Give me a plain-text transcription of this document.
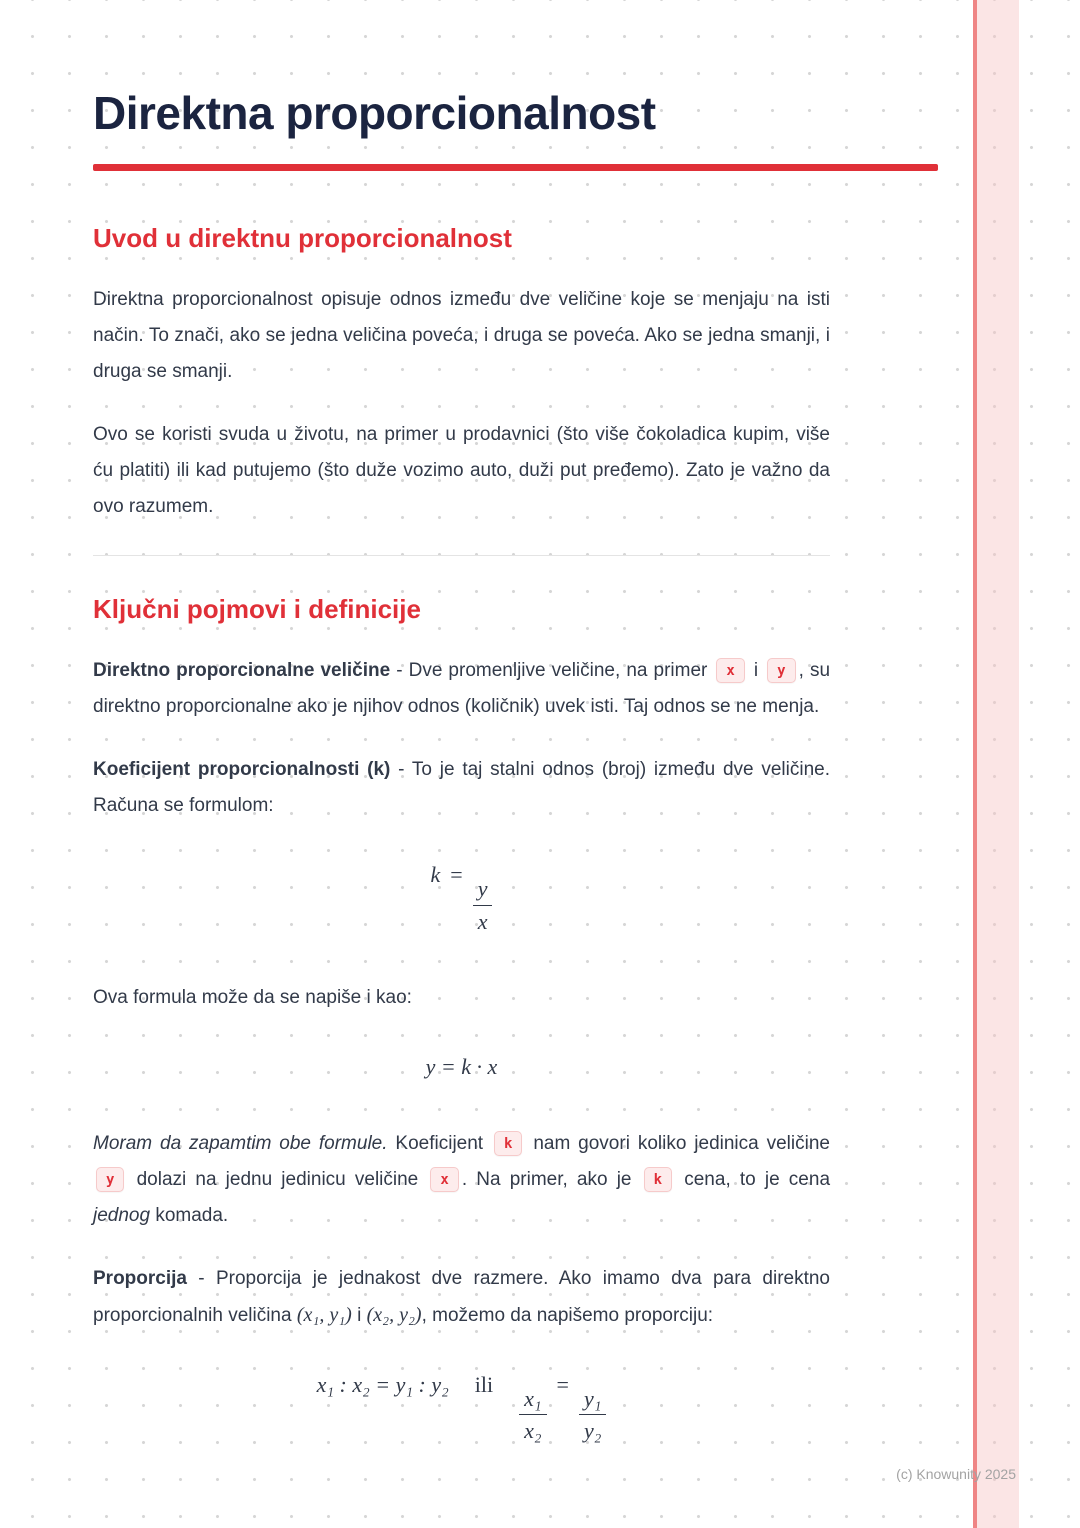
Direktna proporcionalnost
Uvod u direktnu proporcionalnost

Direktna proporcionalnost opisuje odnos između dve veličine koje se menjaju na isti način. To znači, ako se jedna veličina poveća, i druga se poveća. Ako se jedna smanji, i druga se smanji.

Ovo se koristi svuda u životu, na primer u prodavnici (što više čokoladica kupim, više ću platiti) ili kad putujemo (što duže vozimo auto, duži put pređemo). Zato je važno da ovo razumem.

Ključni pojmovi i definicije

Direktno proporcionalne veličine - Dve promenljive veličine, na primer x i y , su direktno proporcionalne ako je njihov odnos (količnik) uvek isti. Taj odnos se ne menja.

Koeficijent proporcionalnosti (k) - To je taj stalni odnos (broj) između dve veličine. Računa se formulom:

k =
$\frac{y}{x}$

Ova formula može da se napiše i kao:

y = k · x

Moram da zapamtim obe formule. Koeficijent k nam govori koliko jedinica veličine y dolazi na jednu jedinicu veličine x . Na primer, ako je k cena, to je cena jednog komada.

Proporcija - Proporcija je jednakost dve razmere. Ako imamo dva para direktno proporcionalnih veličina (x₁, y₁) i (x₂, y₂), možemo da napišemo proporciju:

x₁ : x₂ = y₁ : y₂ ili
$\frac{\text{x₁}}{\text{x₂}}$
=
$\frac{\text{y₁}}{\text{y₂}}$
(c) Knowunity 2025
